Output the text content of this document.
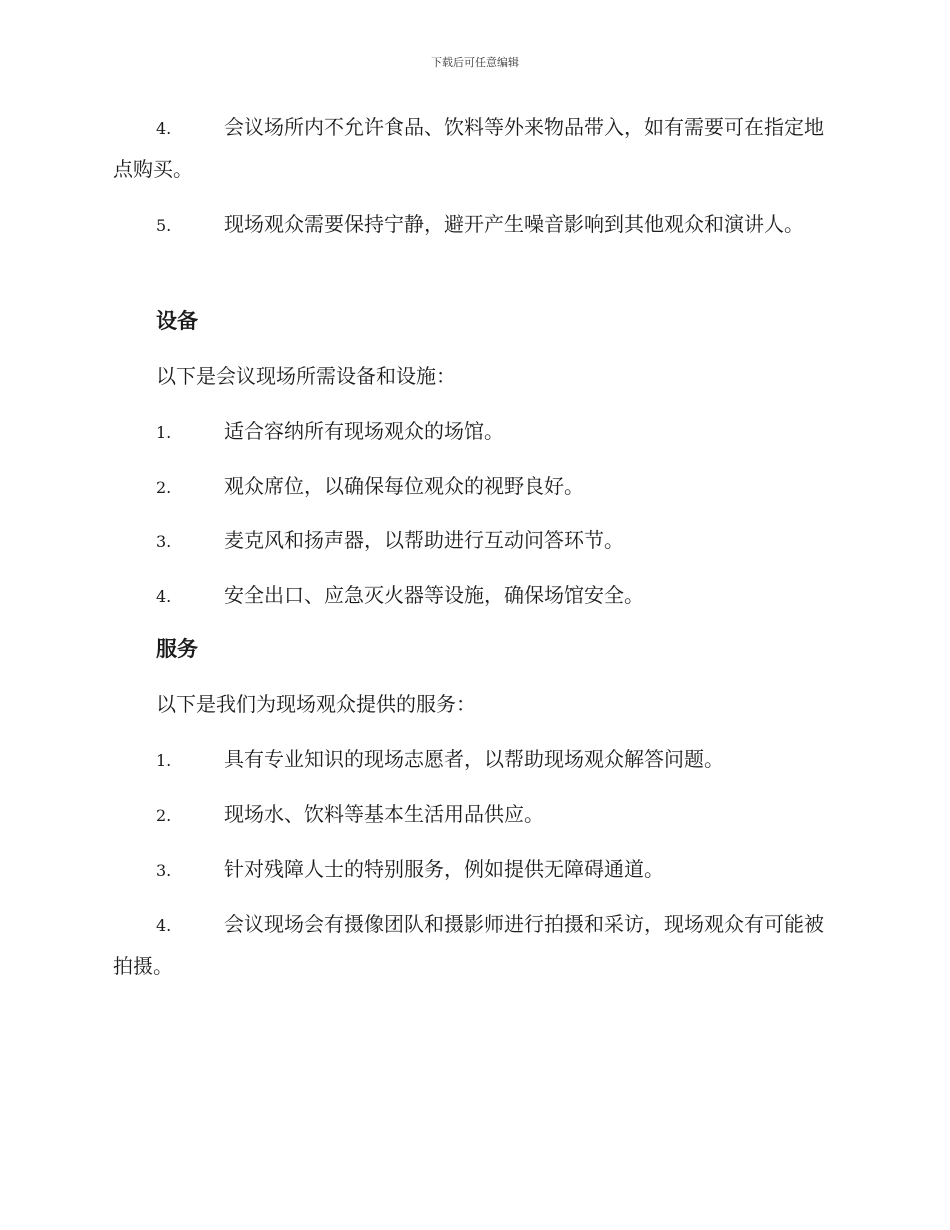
下载后可任意编辑
4.	会议场所内不允许食品、饮料等外来物品带入，如有需要可在指定地点购买。
5.	现场观众需要保持宁静，避开产生噪音影响到其他观众和演讲人。
设备
以下是会议现场所需设备和设施：
1.	适合容纳所有现场观众的场馆。
2.	观众席位，以确保每位观众的视野良好。
3.	麦克风和扬声器，以帮助进行互动问答环节。
4.	安全出口、应急灭火器等设施，确保场馆安全。
服务
以下是我们为现场观众提供的服务：
1.	具有专业知识的现场志愿者，以帮助现场观众解答问题。
2.	现场水、饮料等基本生活用品供应。
3.	针对残障人士的特别服务，例如提供无障碍通道。
4.	会议现场会有摄像团队和摄影师进行拍摄和采访，现场观众有可能被拍摄。
